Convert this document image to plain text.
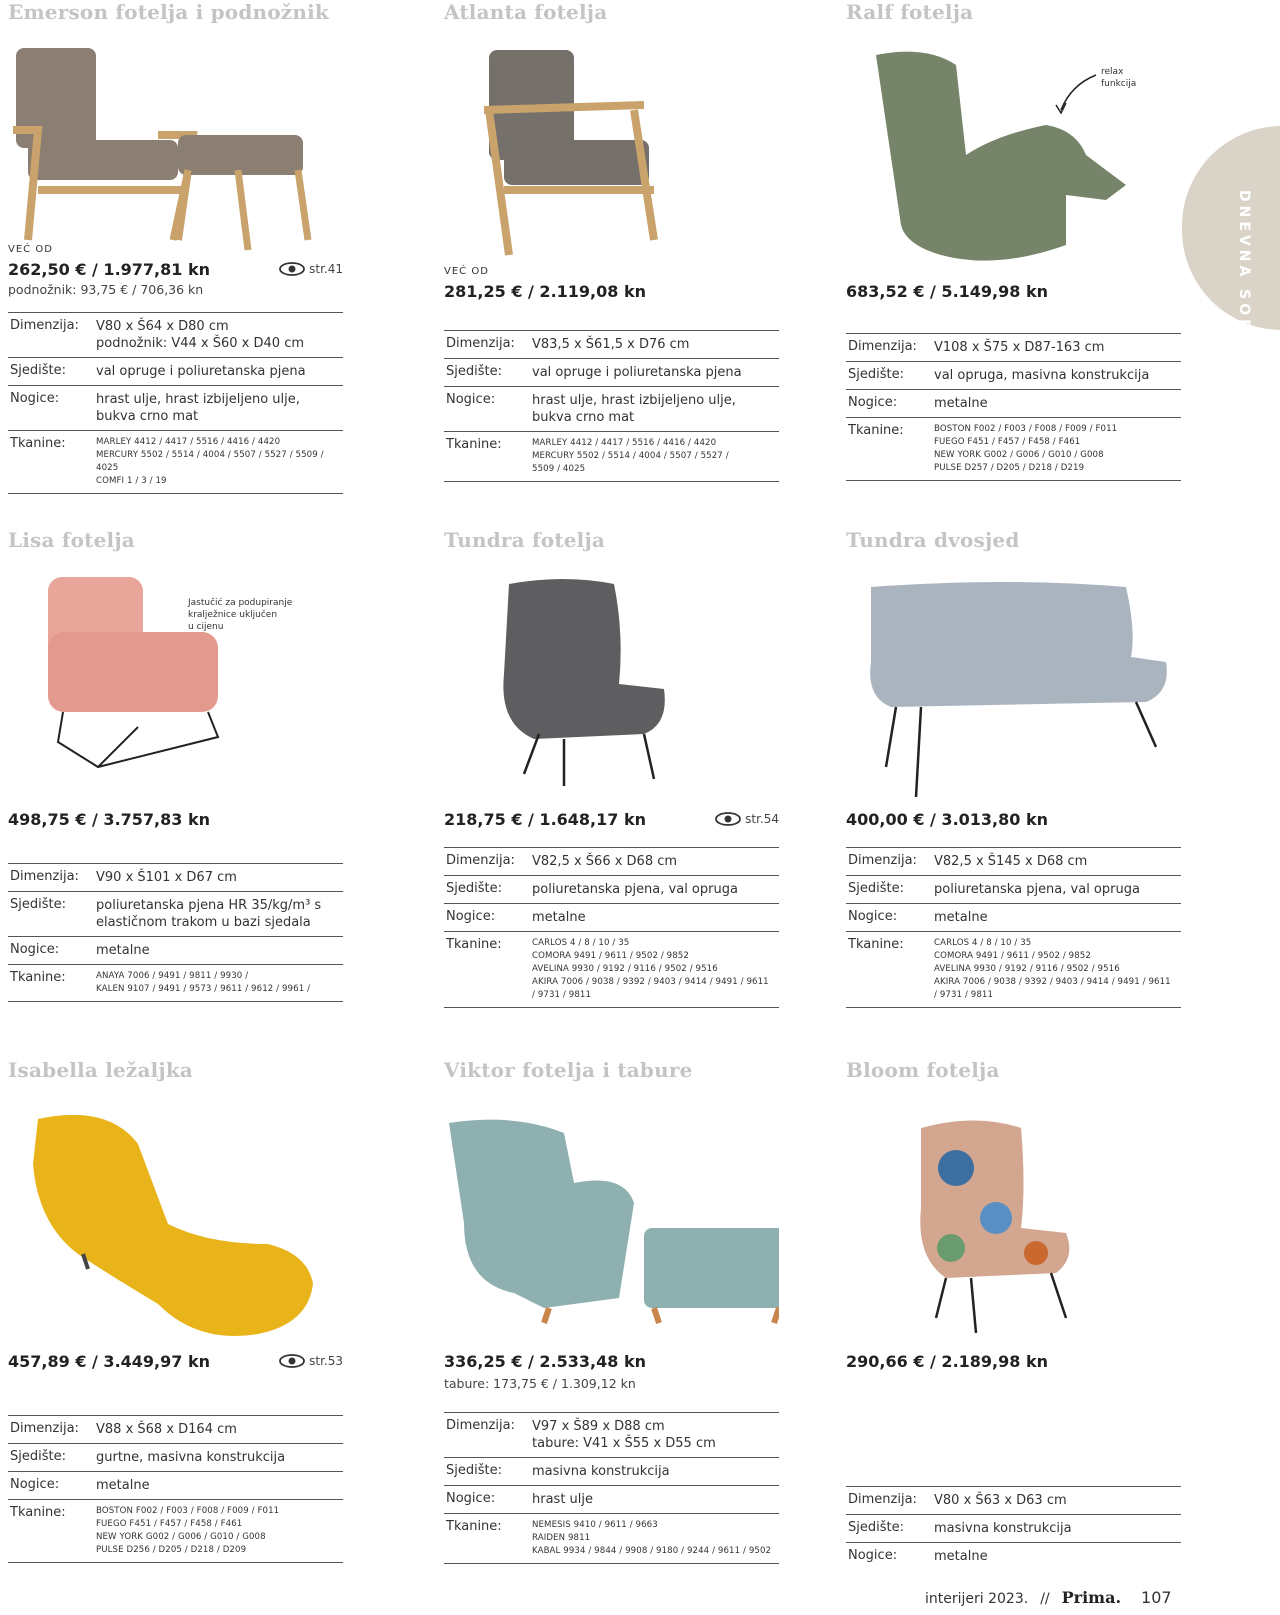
DNEVNA SOBA
Emerson fotelja i podnožnik
VEĆ OD
262,50 € / 1.977,81 kn	str.41
podnožnik: 93,75 € / 706,36 kn
Dimenzija:	V80 x Š64 x D80 cm
podnožnik: V44 x Š60 x D40 cm
Sjedište:	val opruge i poliuretanska pjena
Nogice:	hrast ulje, hrast izbijeljeno ulje, bukva crno mat
Tkanine:	MARLEY 4412 / 4417 / 5516 / 4416 / 4420
MERCURY 5502 / 5514 / 4004 / 5507 / 5527 / 5509 / 4025
COMFI 1 / 3 / 19
Atlanta fotelja
VEĆ OD
281,25 € / 2.119,08 kn
Dimenzija:	V83,5 x Š61,5 x D76 cm
Sjedište:	val opruge i poliuretanska pjena
Nogice:	hrast ulje, hrast izbijeljeno ulje, bukva crno mat
Tkanine:	MARLEY 4412 / 4417 / 5516 / 4416 / 4420
MERCURY 5502 / 5514 / 4004 / 5507 / 5527 /
5509 / 4025
Ralf fotelja
relax
funkcija
683,52 € / 5.149,98 kn
Dimenzija:	V108 x Š75 x D87-163 cm
Sjedište:	val opruga, masivna konstrukcija
Nogice:	metalne
Tkanine:	BOSTON F002 / F003 / F008 / F009 / F011
FUEGO F451 / F457 / F458 / F461
NEW YORK G002 / G006 / G010 / G008
PULSE D257 / D205 / D218 / D219
Lisa fotelja
Jastučić za podupiranje
kralježnice uključen
u cijenu
498,75 € / 3.757,83 kn
Dimenzija:	V90 x Š101 x D67 cm
Sjedište:	poliuretanska pjena HR 35/kg/m³ s elastičnom trakom u bazi sjedala
Nogice:	metalne
Tkanine:	ANAYA 7006 / 9491 / 9811 / 9930 /
KALEN 9107 / 9491 / 9573 / 9611 / 9612 / 9961 /
Tundra fotelja
218,75 € / 1.648,17 kn	str.54
Dimenzija:	V82,5 x Š66 x D68 cm
Sjedište:	poliuretanska pjena, val opruga
Nogice:	metalne
Tkanine:	CARLOS 4 / 8 / 10 / 35
COMORA 9491 / 9611 / 9502 / 9852
AVELINA 9930 / 9192 / 9116 / 9502 / 9516
AKIRA 7006 / 9038 / 9392 / 9403 / 9414 / 9491 / 9611
/ 9731 / 9811
Tundra dvosjed
400,00 € / 3.013,80 kn
Dimenzija:	V82,5 x Š145 x D68 cm
Sjedište:	poliuretanska pjena, val opruga
Nogice:	metalne
Tkanine:	CARLOS 4 / 8 / 10 / 35
COMORA 9491 / 9611 / 9502 / 9852
AVELINA 9930 / 9192 / 9116 / 9502 / 9516
AKIRA 7006 / 9038 / 9392 / 9403 / 9414 / 9491 / 9611
/ 9731 / 9811
Isabella ležaljka
457,89 € / 3.449,97 kn	str.53
Dimenzija:	V88 x Š68 x D164 cm
Sjedište:	gurtne, masivna konstrukcija
Nogice:	metalne
Tkanine:	BOSTON F002 / F003 / F008 / F009 / F011
FUEGO F451 / F457 / F458 / F461
NEW YORK G002 / G006 / G010 / G008
PULSE D256 / D205 / D218 / D209
Viktor fotelja i tabure
336,25 € / 2.533,48 kn
tabure: 173,75 € / 1.309,12 kn
Dimenzija:	V97 x Š89 x D88 cm
tabure: V41 x Š55 x D55 cm
Sjedište:	masivna konstrukcija
Nogice:	hrast ulje
Tkanine:	NEMESIS 9410 / 9611 / 9663
RAIDEN 9811
KABAL 9934 / 9844 / 9908 / 9180 / 9244 / 9611 / 9502
Bloom fotelja
290,66 € / 2.189,98 kn
Dimenzija:	V80 x Š63 x D63 cm
Sjedište:	masivna konstrukcija
Nogice:	metalne
interijeri 2023. // Prima. 107
